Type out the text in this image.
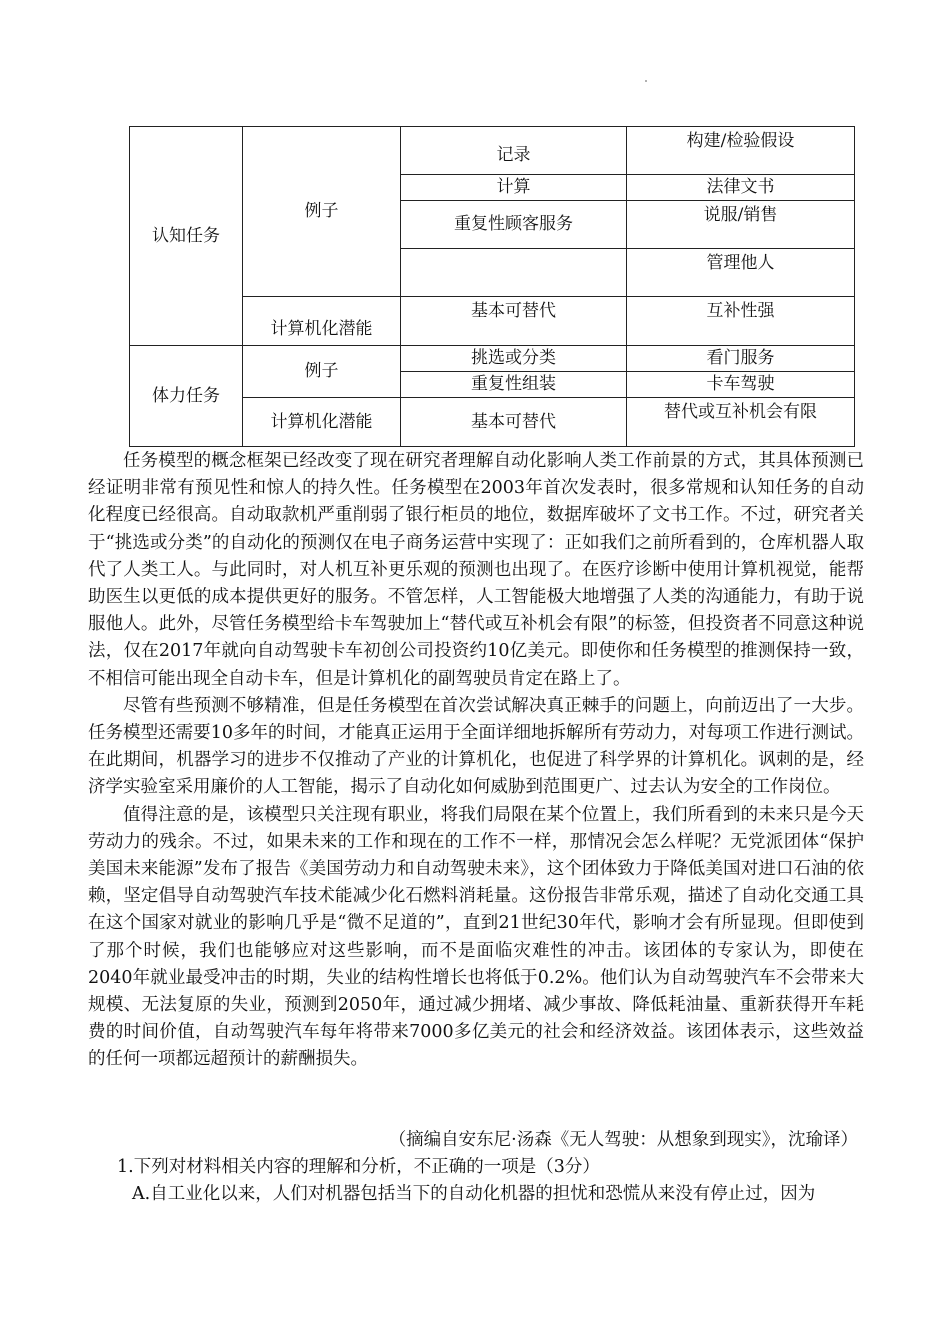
认知任务	例子	记录	构建/检验假设
		计算	法律文书
		重复性顾客服务	说服/销售
			管理他人
	计算机化潜能	基本可替代	互补性强

体力任务	例子	挑选或分类	看门服务
		重复性组装	卡车驾驶
	计算机化潜能	基本可替代	替代或互补机会有限

任务模型的概念框架已经改变了现在研究者理解自动化影响人类工作前景的方式，其具体预测已经证明非常有预见性和惊人的持久性。任务模型在2003年首次发表时，很多常规和认知任务的自动化程度已经很高。自动取款机严重削弱了银行柜员的地位，数据库破坏了文书工作。不过，研究者关于“挑选或分类”的自动化的预测仅在电子商务运营中实现了：正如我们之前所看到的，仓库机器人取代了人类工人。与此同时，对人机互补更乐观的预测也出现了。在医疗诊断中使用计算机视觉，能帮助医生以更低的成本提供更好的服务。不管怎样，人工智能极大地增强了人类的沟通能力，有助于说服他人。此外，尽管任务模型给卡车驾驶加上“替代或互补机会有限”的标签，但投资者不同意这种说法，仅在2017年就向自动驾驶卡车初创公司投资约10亿美元。即使你和任务模型的推测保持一致，不相信可能出现全自动卡车，但是计算机化的副驾驶员肯定在路上了。

尽管有些预测不够精准，但是任务模型在首次尝试解决真正棘手的问题上，向前迈出了一大步。任务模型还需要10多年的时间，才能真正运用于全面详细地拆解所有劳动力，对每项工作进行测试。在此期间，机器学习的进步不仅推动了产业的计算机化，也促进了科学界的计算机化。讽刺的是，经济学实验室采用廉价的人工智能，揭示了自动化如何威胁到范围更广、过去认为安全的工作岗位。

值得注意的是，该模型只关注现有职业，将我们局限在某个位置上，我们所看到的未来只是今天劳动力的残余。不过，如果未来的工作和现在的工作不一样，那情况会怎么样呢？无党派团体“保护美国未来能源”发布了报告《美国劳动力和自动驾驶未来》，这个团体致力于降低美国对进口石油的依赖，坚定倡导自动驾驶汽车技术能减少化石燃料消耗量。这份报告非常乐观，描述了自动化交通工具在这个国家对就业的影响几乎是“微不足道的”，直到21世纪30年代，影响才会有所显现。但即使到了那个时候，我们也能够应对这些影响，而不是面临灾难性的冲击。该团体的专家认为，即使在2040年就业最受冲击的时期，失业的结构性增长也将低于0.2%。他们认为自动驾驶汽车不会带来大规模、无法复原的失业，预测到2050年，通过减少拥堵、减少事故、降低耗油量、重新获得开车耗费的时间价值，自动驾驶汽车每年将带来7000多亿美元的社会和经济效益。该团体表示，这些效益的任何一项都远超预计的薪酬损失。

（摘编自安东尼·汤森《无人驾驶：从想象到现实》，沈瑜译）
1.下列对材料相关内容的理解和分析，不正确的一项是（3分）
A.自工业化以来，人们对机器包括当下的自动化机器的担忧和恐慌从来没有停止过，因为
